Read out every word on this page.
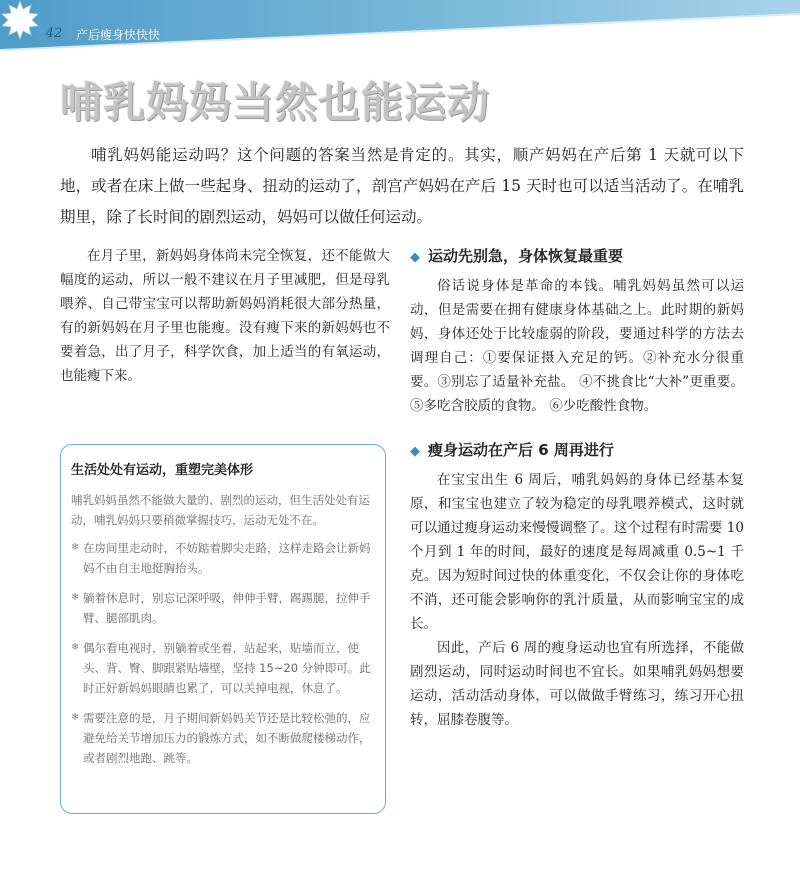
42	产后瘦身快快快
哺乳妈妈当然也能运动

哺乳妈妈能运动吗？这个问题的答案当然是肯定的。其实，顺产妈妈在产后第 1 天就可以下地，或者在床上做一些起身、扭动的运动了，剖宫产妈妈在产后 15 天时也可以适当活动了。在哺乳期里，除了长时间的剧烈运动，妈妈可以做任何运动。

在月子里，新妈妈身体尚未完全恢复，还不能做大幅度的运动，所以一般不建议在月子里减肥，但是母乳喂养、自己带宝宝可以帮助新妈妈消耗很大部分热量，有的新妈妈在月子里也能瘦。没有瘦下来的新妈妈也不要着急，出了月子，科学饮食，加上适当的有氧运动，也能瘦下来。

生活处处有运动，重塑完美体形
哺乳妈妈虽然不能做大量的、剧烈的运动，但生活处处有运动，哺乳妈妈只要稍微掌握技巧，运动无处不在。
❄ 在房间里走动时，不妨踮着脚尖走路，这样走路会让新妈妈不由自主地挺胸抬头。
❄ 躺着休息时，别忘记深呼吸，伸伸手臂，踢踢腿，拉伸手臂、腿部肌肉。
❄ 偶尔看电视时，别躺着或坐着，站起来，贴墙而立，使头、背、臀、脚跟紧贴墙壁，坚持 15~20 分钟即可。此时正好新妈妈眼睛也累了，可以关掉电视，休息了。
❄ 需要注意的是，月子期间新妈妈关节还是比较松弛的，应避免给关节增加压力的锻炼方式，如不断做爬楼梯动作，或者剧烈地跑、跳等。
◆ 运动先别急，身体恢复最重要

俗话说身体是革命的本钱。哺乳妈妈虽然可以运动，但是需要在拥有健康身体基础之上。此时期的新妈妈，身体还处于比较虚弱的阶段，要通过科学的方法去调理自己：①要保证摄入充足的钙。②补充水分很重要。③别忘了适量补充盐。 ④不挑食比“大补”更重要。⑤多吃含胶质的食物。 ⑥少吃酸性食物。

◆ 瘦身运动在产后 6 周再进行

在宝宝出生 6 周后，哺乳妈妈的身体已经基本复原，和宝宝也建立了较为稳定的母乳喂养模式，这时就可以通过瘦身运动来慢慢调整了。这个过程有时需要 10 个月到 1 年的时间，最好的速度是每周减重 0.5~1 千克。因为短时间过快的体重变化，不仅会让你的身体吃不消，还可能会影响你的乳汁质量，从而影响宝宝的成长。

因此，产后 6 周的瘦身运动也宜有所选择，不能做剧烈运动，同时运动时间也不宜长。如果哺乳妈妈想要运动，活动活动身体，可以做做手臂练习，练习开心扭转，屈膝卷腹等。
